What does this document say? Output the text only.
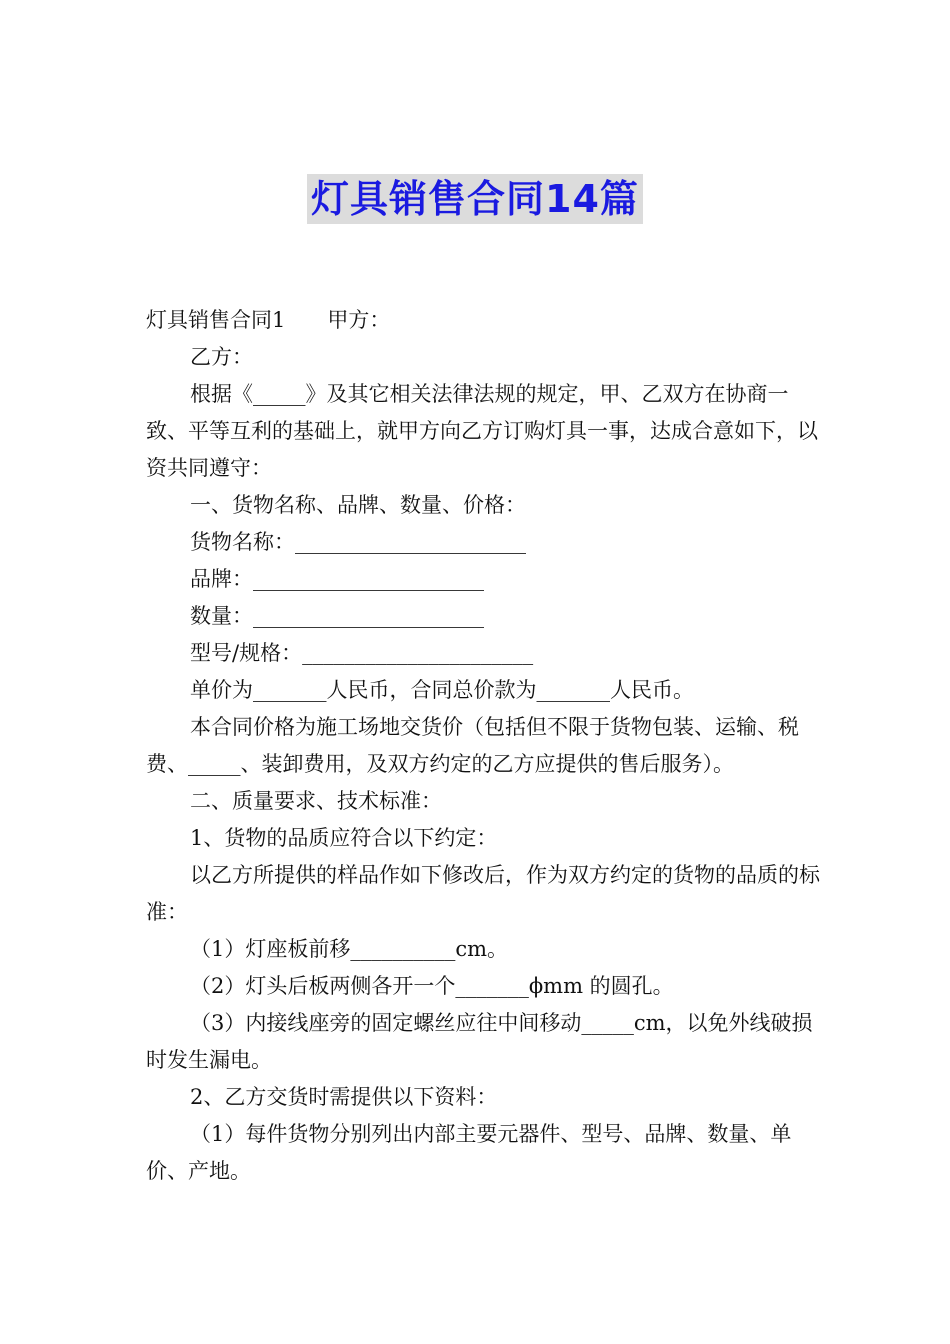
灯具销售合同14篇

灯具销售合同1 甲方：

乙方：

根据《_____》及其它相关法律法规的规定，甲、乙双方在协商一致、平等互利的基础上，就甲方向乙方订购灯具一事，达成合意如下，以资共同遵守：

一、货物名称、品牌、数量、价格：

货物名称：______________________

品牌：______________________

数量：______________________

型号/规格：______________________

单价为_______人民币，合同总价款为_______人民币。

本合同价格为施工场地交货价（包括但不限于货物包装、运输、税费、_____、装卸费用，及双方约定的乙方应提供的售后服务）。

二、质量要求、技术标准：

1、货物的品质应符合以下约定：

以乙方所提供的样品作如下修改后，作为双方约定的货物的品质的标准：

（1）灯座板前移__________cm。

（2）灯头后板两侧各开一个_______ϕmm 的圆孔。

（3）内接线座旁的固定螺丝应往中间移动_____cm，以免外线破损时发生漏电。

2、乙方交货时需提供以下资料：

（1）每件货物分别列出内部主要元器件、型号、品牌、数量、单价、产地。
